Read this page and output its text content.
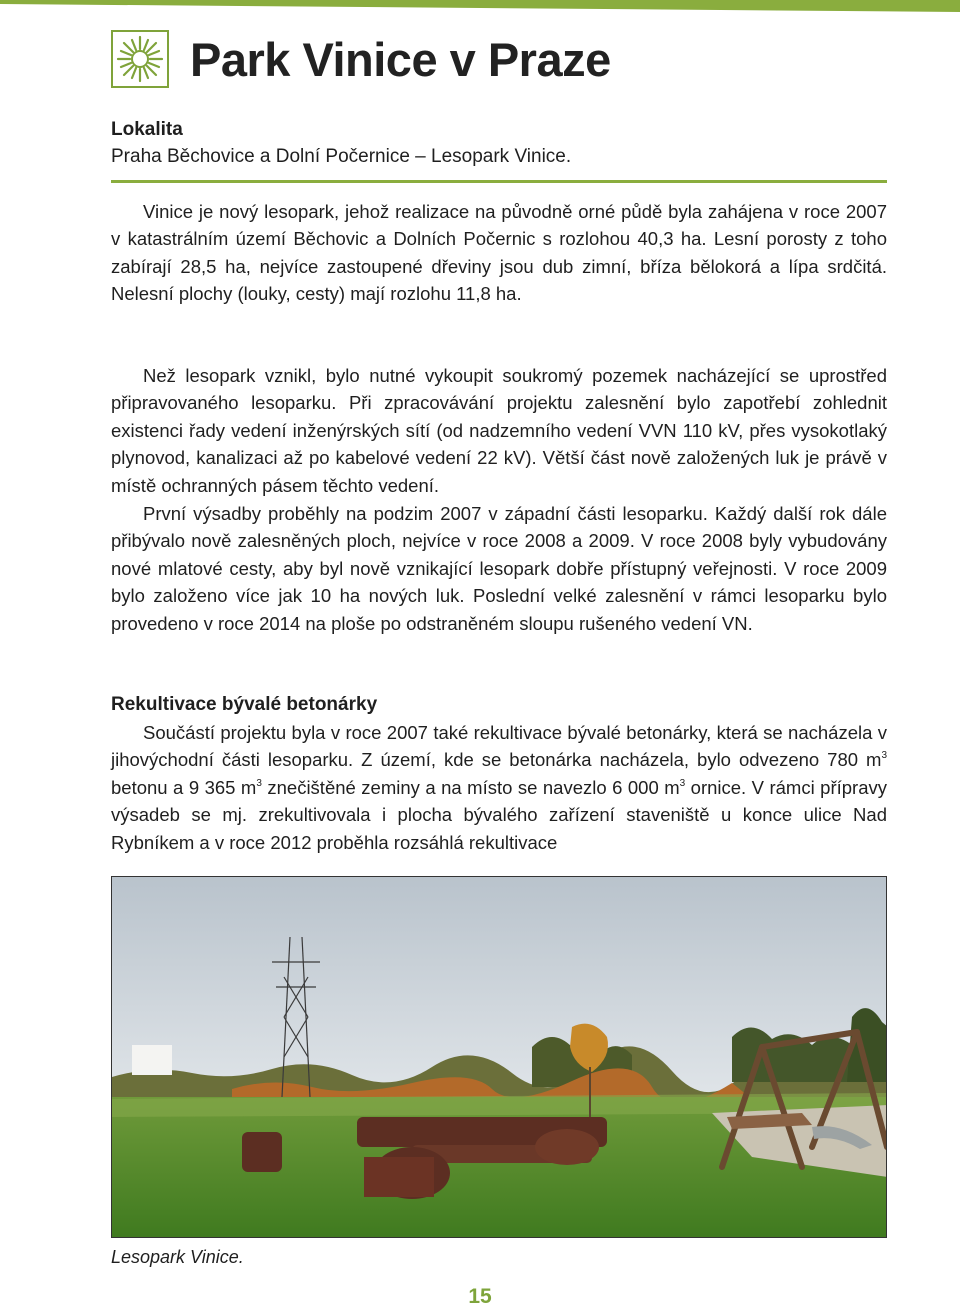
Park Vinice v Praze

Lokalita

Praha Běchovice a Dolní Počernice – Lesopark Vinice.

Vinice je nový lesopark, jehož realizace na původně orné půdě byla zahájena v roce 2007 v katastrálním území Běchovic a Dolních Počernic s rozlohou 40,3 ha. Lesní porosty z toho zabírají 28,5 ha, nejvíce zastoupené dřeviny jsou dub zimní, bříza bělokorá a lípa srdčitá. Nelesní plochy (louky, cesty) mají rozlohu 11,8 ha.

Než lesopark vznikl, bylo nutné vykoupit soukromý pozemek nacházející se uprostřed připravovaného lesoparku. Při zpracovávání projektu zalesnění bylo zapotřebí zohlednit existenci řady vedení inženýrských sítí (od nadzemního vedení VVN 110 kV, přes vysokotlaký plynovod, kanalizaci až po kabelové vedení 22 kV). Větší část nově založených luk je právě v místě ochranných pásem těchto vedení.

První výsadby proběhly na podzim 2007 v západní části lesoparku. Každý další rok dále přibývalo nově zalesněných ploch, nejvíce v roce 2008 a 2009. V roce 2008 byly vybudovány nové mlatové cesty, aby byl nově vznikající lesopark dobře přístupný veřejnosti. V roce 2009 bylo založeno více jak 10 ha nových luk. Poslední velké zalesnění v rámci lesoparku bylo provedeno v roce 2014 na ploše po odstraněném sloupu rušeného vedení VN.

Rekultivace bývalé betonárky

Součástí projektu byla v roce 2007 také rekultivace bývalé betonárky, která se nacházela v jihovýchodní části lesoparku. Z území, kde se betonárka nacházela, bylo odvezeno 780 $m^3$ betonu a 9 365 $m^3$ znečištěné zeminy a na místo se navezlo 6 000 $m^3$ ornice. V rámci přípravy výsadeb se mj. zrekultivovala i plocha bývalého zařízení staveniště u konce ulice Nad Rybníkem a v roce 2012 proběhla rozsáhlá rekultivace

Lesopark Vinice.

15
